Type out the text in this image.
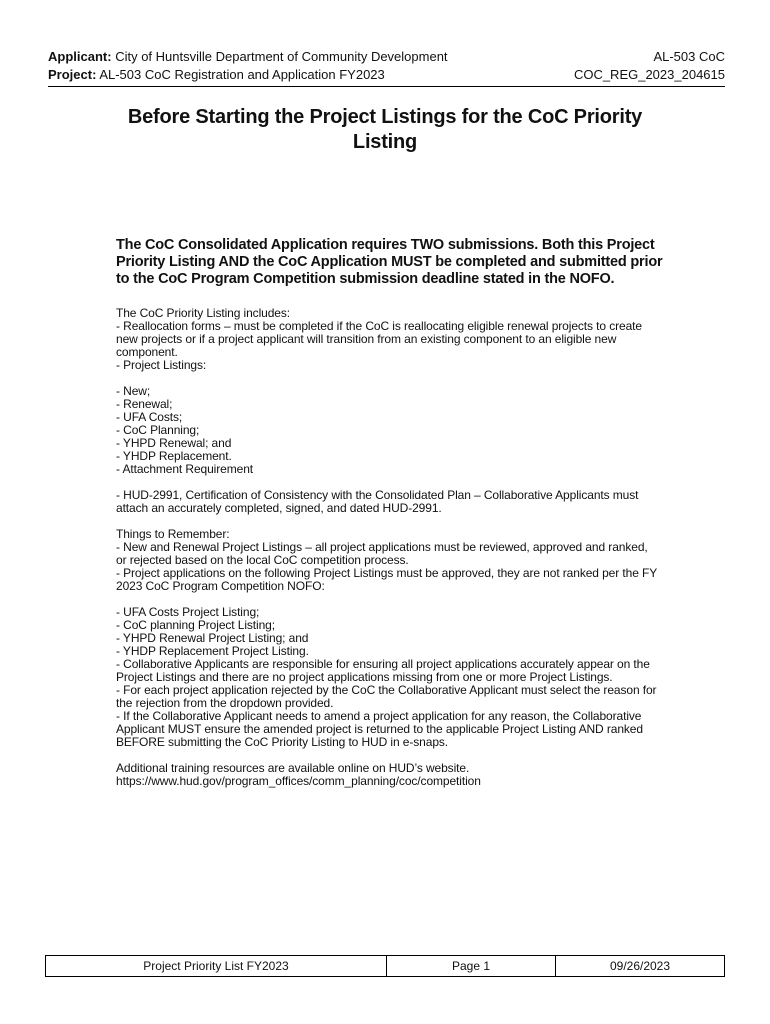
Applicant: City of Huntsville Department of Community Development	AL-503 CoC
Project: AL-503 CoC Registration and Application FY2023	COC_REG_2023_204615
Before Starting the Project Listings for the CoC Priority Listing
The CoC Consolidated Application requires TWO submissions. Both this Project Priority Listing AND the CoC Application MUST be completed and submitted prior to the CoC Program Competition submission deadline stated in the NOFO.

The CoC Priority Listing includes:

- Reallocation forms – must be completed if the CoC is reallocating eligible renewal projects to create new projects or if a project applicant will transition from an existing component to an eligible new component.
- Project Listings:

- New;
- Renewal;
- UFA Costs;
- CoC Planning;
- YHPD Renewal; and
- YHDP Replacement.
- Attachment Requirement

- HUD-2991, Certification of Consistency with the Consolidated Plan – Collaborative Applicants must attach an accurately completed, signed, and dated HUD-2991.

Things to Remember:
- New and Renewal Project Listings – all project applications must be reviewed, approved and ranked, or rejected based on the local CoC competition process.
- Project applications on the following Project Listings must be approved, they are not ranked per the FY 2023 CoC Program Competition NOFO:

- UFA Costs Project Listing;
- CoC planning Project Listing;
- YHPD Renewal Project Listing; and
- YHDP Replacement Project Listing.
- Collaborative Applicants are responsible for ensuring all project applications accurately appear on the Project Listings and there are no project applications missing from one or more Project Listings.
- For each project application rejected by the CoC the Collaborative Applicant must select the reason for the rejection from the dropdown provided.
- If the Collaborative Applicant needs to amend a project application for any reason, the Collaborative Applicant MUST ensure the amended project is returned to the applicable Project Listing AND ranked BEFORE submitting the CoC Priority Listing to HUD in e-snaps.

Additional training resources are available online on HUD’s website.
https://www.hud.gov/program_offices/comm_planning/coc/competition

Project Priority List FY2023	Page 1	09/26/2023
